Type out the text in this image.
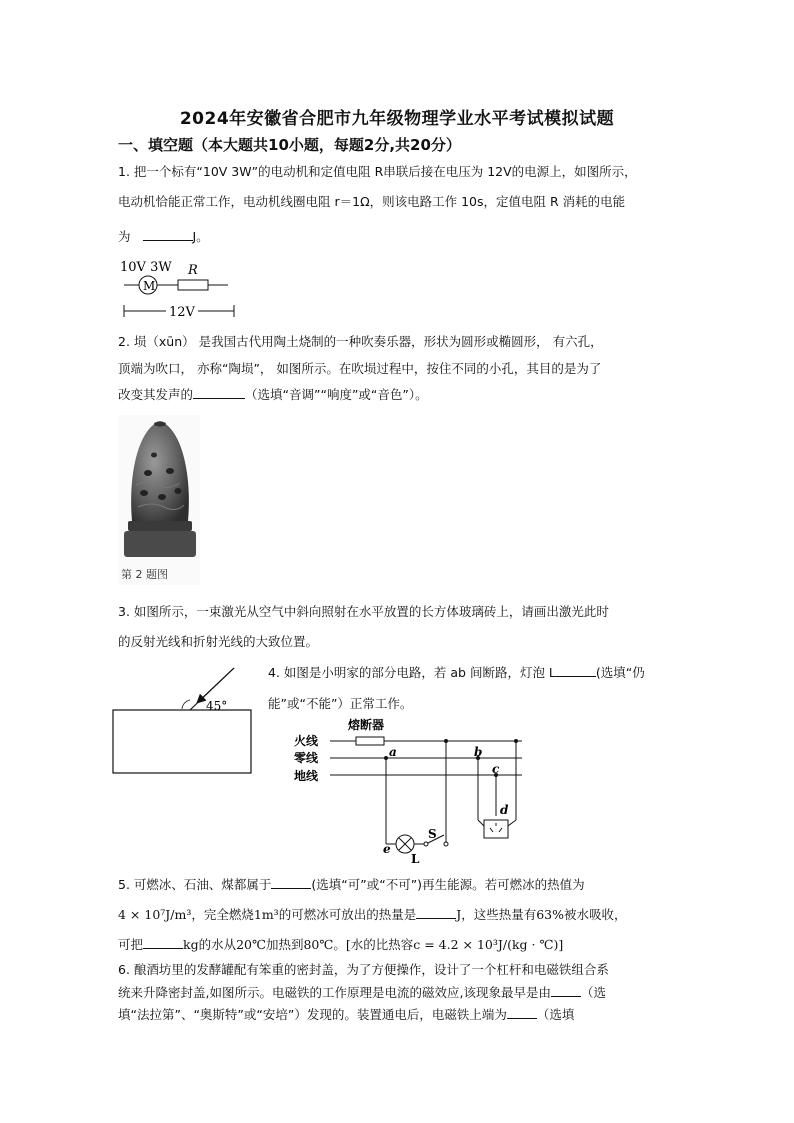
2024年安徽省合肥市九年级物理学业水平考试模拟试题
一、填空题（本大题共10小题，每题2分,共20分）
1. 把一个标有“10V 3W”的电动机和定值电阻 R串联后接在电压为 12V的电源上，如图所示，
电动机恰能正常工作，电动机线圈电阻 r＝1Ω，则该电路工作 10s，定值电阻 R 消耗的电能
为	J。
10V 3W R
M
12V
2. 埙（xūn） 是我国古代用陶土烧制的一种吹奏乐器，形状为圆形或椭圆形， 有六孔，
顶端为吹口， 亦称“陶埙”， 如图所示。在吹埙过程中，按住不同的小孔，其目的是为了
改变其发声的	（选填“音调”“响度”或“音色”）。
第 2 题图
3. 如图所示，一束激光从空气中斜向照射在水平放置的长方体玻璃砖上，请画出激光此时
的反射光线和折射光线的大致位置。
45°
4. 如图是小明家的部分电路，若 ab 间断路，灯泡 L	(选填“仍
能”或“不能”）正常工作。
熔断器
火线
零线
地线
a	b
c
d
e
L
S
5. 可燃冰、石油、煤都属于	(选填“可”或“不可”)再生能源。若可燃冰的热值为
4 × 10⁷J/m³，完全燃烧1m³的可燃冰可放出的热量是	J，这些热量有63%被水吸收，
可把	kg的水从20℃加热到80℃。[水的比热容c = 4.2 × 10³J/(kg · ℃)]
6. 酿酒坊里的发酵罐配有笨重的密封盖，为了方便操作，设计了一个杠杆和电磁铁组合系
统来升降密封盖,如图所示。电磁铁的工作原理是电流的磁效应,该现象最早是由 （选
填“法拉第”、“奥斯特”或“安培”）发现的。装置通电后，电磁铁上端为 （选填
